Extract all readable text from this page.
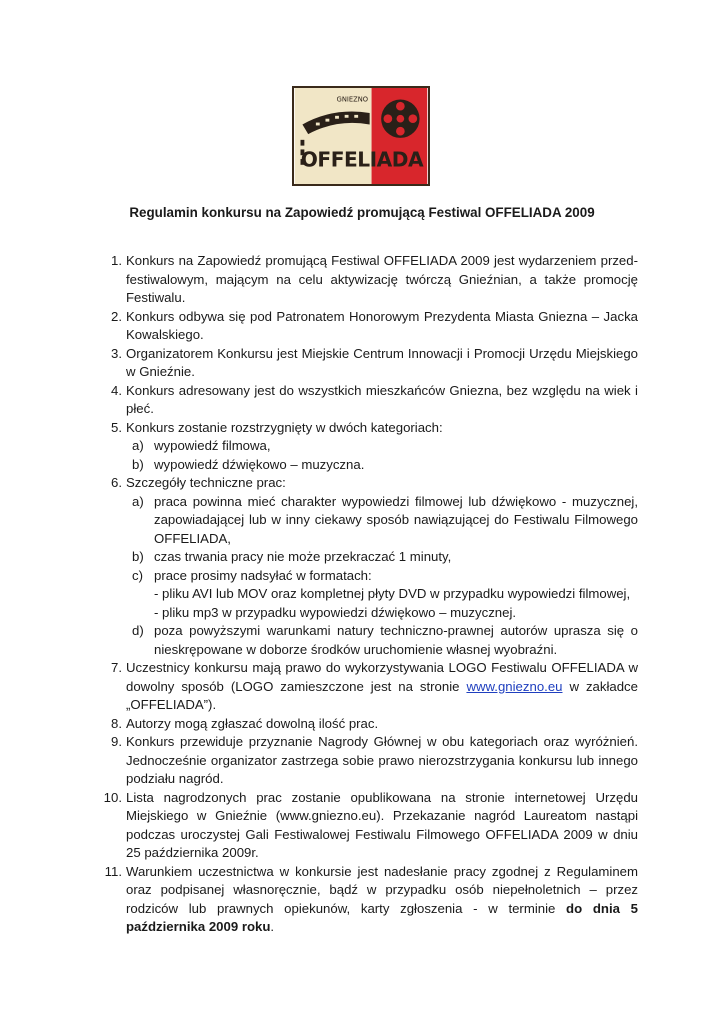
GNIEZNO
OFFELIADA
Regulamin konkursu na Zapowiedź promującą Festiwal OFFELIADA 2009
1. Konkurs na Zapowiedź promującą Festiwal OFFELIADA 2009 jest wydarzeniem przed-festiwalowym, mającym na celu aktywizację twórczą Gnieźnian, a także promocję Festiwalu.
2. Konkurs odbywa się pod Patronatem Honorowym Prezydenta Miasta Gniezna – Jacka Kowalskiego.
3. Organizatorem Konkursu jest Miejskie Centrum Innowacji i Promocji Urzędu Miejskiego w Gnieźnie.
4. Konkurs adresowany jest do wszystkich mieszkańców Gniezna, bez względu na wiek i płeć.
5. Konkurs zostanie rozstrzygnięty w dwóch kategoriach:
a) wypowiedź filmowa,
b) wypowiedź dźwiękowo – muzyczna.
6. Szczegóły techniczne prac:
a) praca powinna mieć charakter wypowiedzi filmowej lub dźwiękowo - muzycznej, zapowiadającej lub w inny ciekawy sposób nawiązującej do Festiwalu Filmowego OFFELIADA,
b) czas trwania pracy nie może przekraczać 1 minuty,
c) prace prosimy nadsyłać w formatach:
- pliku AVI lub MOV oraz kompletnej płyty DVD w przypadku wypowiedzi filmowej,
- pliku mp3 w przypadku wypowiedzi dźwiękowo – muzycznej.
d) poza powyższymi warunkami natury techniczno-prawnej autorów uprasza się o nieskrępowane w doborze środków uruchomienie własnej wyobraźni.
7. Uczestnicy konkursu mają prawo do wykorzystywania LOGO Festiwalu OFFELIADA w dowolny sposób (LOGO zamieszczone jest na stronie www.gniezno.eu w zakładce „OFFELIADA”).
8. Autorzy mogą zgłaszać dowolną ilość prac.
9. Konkurs przewiduje przyznanie Nagrody Głównej w obu kategoriach oraz wyróżnień. Jednocześnie organizator zastrzega sobie prawo nierozstrzygania konkursu lub innego podziału nagród.
10. Lista nagrodzonych prac zostanie opublikowana na stronie internetowej Urzędu Miejskiego w Gnieźnie (www.gniezno.eu). Przekazanie nagród Laureatom nastąpi podczas uroczystej Gali Festiwalowej Festiwalu Filmowego OFFELIADA 2009 w dniu 25 października 2009r.
11. Warunkiem uczestnictwa w konkursie jest nadesłanie pracy zgodnej z Regulaminem oraz podpisanej własnoręcznie, bądź w przypadku osób niepełnoletnich – przez rodziców lub prawnych opiekunów, karty zgłoszenia - w terminie do dnia 5 października 2009 roku.
